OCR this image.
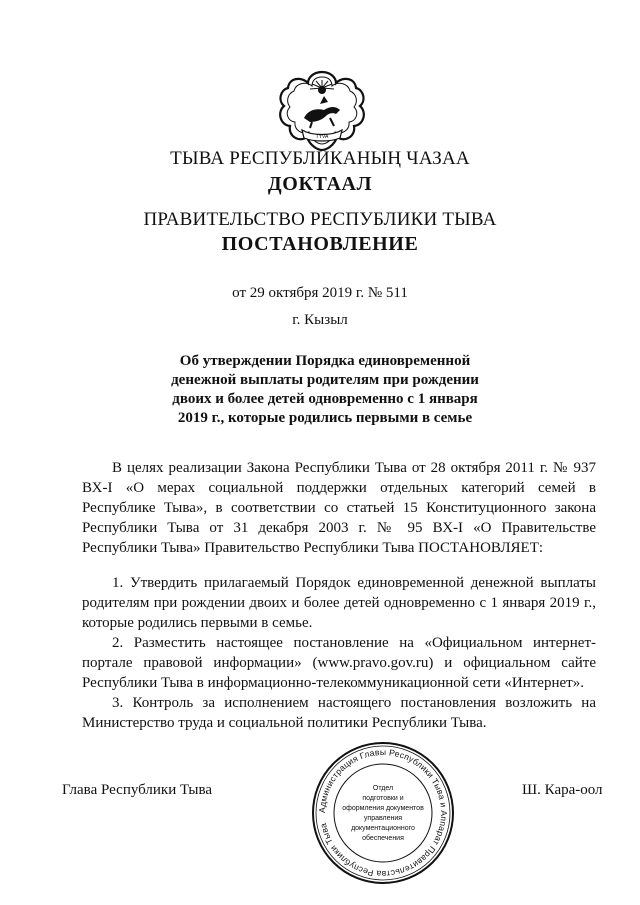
TYVA
ТЫВА РЕСПУБЛИКАНЫҢ ЧАЗАА
ДОКТААЛ
ПРАВИТЕЛЬСТВО РЕСПУБЛИКИ ТЫВА
ПОСТАНОВЛЕНИЕ
от 29 октября 2019 г. № 511
г. Кызыл
Об утверждении Порядка единовременной
денежной выплаты родителям при рождении
двоих и более детей одновременно с 1 января
2019 г., которые родились первыми в семье

В целях реализации Закона Республики Тыва от 28 октября 2011 г. № 937 ВХ-I «О мерах социальной поддержки отдельных категорий семей в Республике Тыва», в соответствии со статьей 15 Конституционного закона Республики Тыва от 31 декабря 2003 г. № 95 ВХ-I «О Правительстве Республики Тыва» Правительство Республики Тыва ПОСТАНОВЛЯЕТ:

1. Утвердить прилагаемый Порядок единовременной денежной выплаты родителям при рождении двоих и более детей одновременно с 1 января 2019 г., которые родились первыми в семье.

2. Разместить настоящее постановление на «Официальном интернет-портале правовой информации» (www.pravo.gov.ru) и официальном сайте Республики Тыва в информационно-телекоммуникационной сети «Интернет».

3. Контроль за исполнением настоящего постановления возложить на Министерство труда и социальной политики Республики Тыва.

Глава Республики Тыва	Ш. Кара-оол
Администрация Главы Республики Тыва и Аппарат Правительства Республики Тыва
Отдел
подготовки и
оформления документов
управления
документационного
обеспечения
